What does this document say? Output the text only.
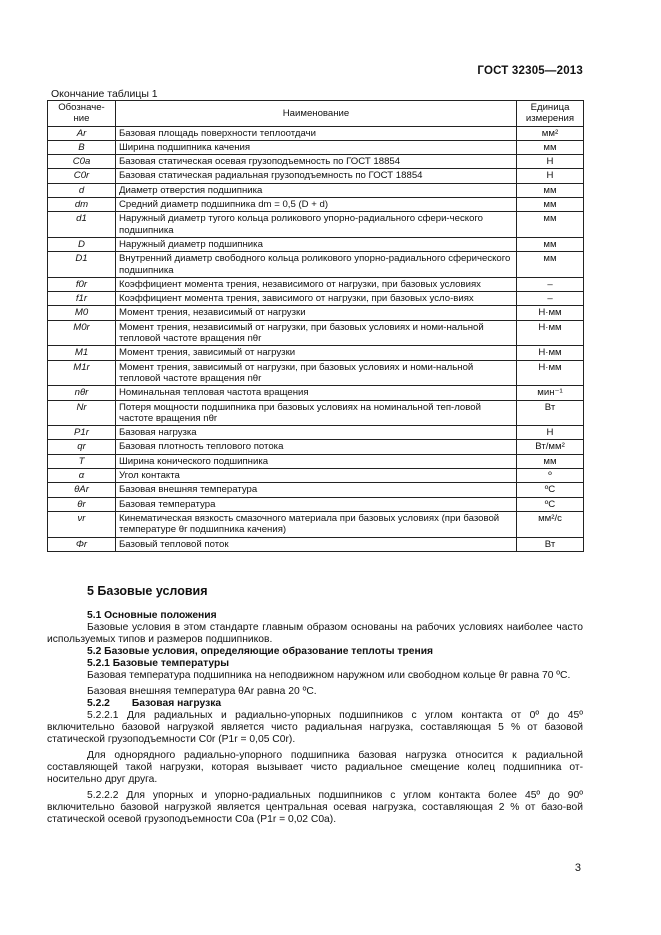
ГОСТ 32305—2013
Окончание таблицы 1
Обозначе-ние	Наименование	Единица измерения
Ar	Базовая площадь поверхности теплоотдачи	мм²
B	Ширина подшипника качения	мм
C0a	Базовая статическая осевая грузоподъемность по ГОСТ 18854	Н
C0r	Базовая статическая радиальная грузоподъемность по ГОСТ 18854	Н
d	Диаметр отверстия подшипника	мм
dm	Средний диаметр подшипника dm = 0,5 (D + d)	мм
d1	Наружный диаметр тугого кольца роликового упорно-радиального сфери-ческого подшипника	мм
D	Наружный диаметр подшипника	мм
D1	Внутренний диаметр свободного кольца роликового упорно-радиального сферического подшипника	мм
f0r	Коэффициент момента трения, независимого от нагрузки, при базовых условиях	–
f1r	Коэффициент момента трения, зависимого от нагрузки, при базовых усло-виях	–
M0	Момент трения, независимый от нагрузки	Н·мм
M0r	Момент трения, независимый от нагрузки, при базовых условиях и номи-нальной тепловой частоте вращения nθr	Н·мм
M1	Момент трения, зависимый от нагрузки	Н·мм
M1r	Момент трения, зависимый от нагрузки, при базовых условиях и номи-нальной тепловой частоте вращения nθr	Н·мм
nθr	Номинальная тепловая частота вращения	мин⁻¹
Nr	Потеря мощности подшипника при базовых условиях на номинальной теп-ловой частоте вращения nθr	Вт
P1r	Базовая нагрузка	Н
qr	Базовая плотность теплового потока	Вт/мм²
T	Ширина конического подшипника	мм
α	Угол контакта	º
θAr	Базовая внешняя температура	ºС
θr	Базовая температура	ºС
νr	Кинематическая вязкость смазочного материала при базовых условиях (при базовой температуре θr подшипника качения)	мм²/с
Φr	Базовый тепловой поток	Вт
5 Базовые условия
5.1 Основные положения

Базовые условия в этом стандарте главным образом основаны на рабочих условиях наиболее часто используемых типов и размеров подшипников.

5.2 Базовые условия, определяющие образование теплоты трения
5.2.1 Базовые температуры

Базовая температура подшипника на неподвижном наружном или свободном кольце θr равна 70 ºС.

Базовая внешняя температура θAr равна 20 ºС.

5.2.2 Базовая нагрузка

5.2.2.1 Для радиальных и радиально-упорных подшипников с углом контакта от 0º до 45º включительно базовой нагрузкой является чисто радиальная нагрузка, составляющая 5 % от базовой статической грузоподъемности C0r (P1r = 0,05 C0r).

Для однорядного радиально-упорного подшипника базовая нагрузка относится к радиальной составляющей такой нагрузки, которая вызывает чисто радиальное смещение колец подшипника от-носительно друг друга.

5.2.2.2 Для упорных и упорно-радиальных подшипников с углом контакта более 45º до 90º включительно базовой нагрузкой является центральная осевая нагрузка, составляющая 2 % от базо-вой статической осевой грузоподъемности C0a (P1r = 0,02 C0a).

3
